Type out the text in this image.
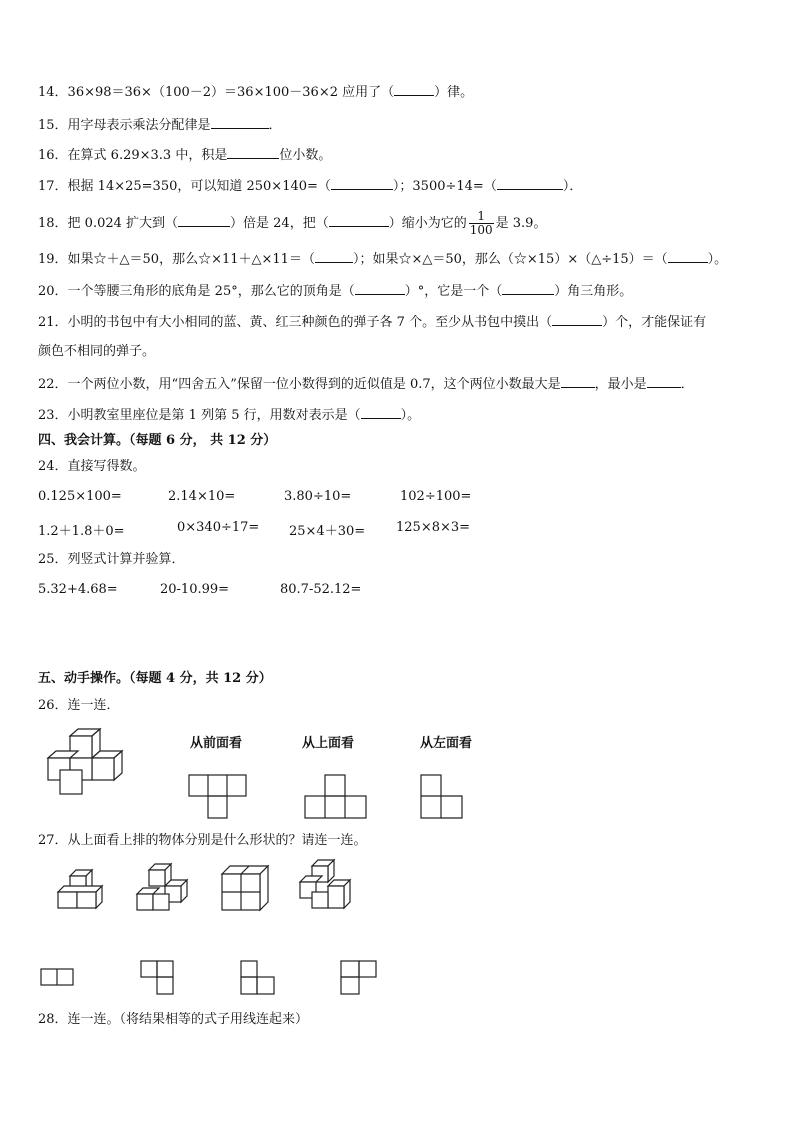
14．36×98＝36×（100－2）＝36×100－36×2 应用了（	）律。
15．用字母表示乘法分配律是	．
16．在算式 6.29×3.3 中，积是	位小数。
17．根据 14×25=350，可以知道 250×140=（	）；3500÷14=（	）．
18．把 0.024 扩大到（	）倍是 24，把（	）缩小为它的 $\frac{1}{100}$ 是 3.9。
19．如果☆＋△＝50，那么☆×11＋△×11＝（	）；如果☆×△＝50，那么（☆×15）×（△÷15）＝（	）。
20．一个等腰三角形的底角是 25°，那么它的顶角是（	）°，它是一个（	）角三角形。
21．小明的书包中有大小相同的蓝、黄、红三种颜色的弹子各 7 个。至少从书包中摸出（	）个，才能保证有
颜色不相同的弹子。
22．一个两位小数，用“四舍五入”保留一位小数得到的近似值是 0.7，这个两位小数最大是	，最小是	．
23．小明教室里座位是第 1 列第 5 行，用数对表示是（	）。
四、我会计算。（每题 6 分， 共 12 分）
24．直接写得数。
0.125×100=	2.14×10=	3.80÷10=	102÷100=
1.2＋1.8＋0=	0×340÷17= 25×4＋30= 125×8×3=
25．列竖式计算并验算．
5.32+4.68=	20-10.99=	80.7-52.12=
五、动手操作。（每题 4 分，共 12 分）
26．连一连．
从前面看	从上面看	从左面看
27．从上面看上排的物体分别是什么形状的？请连一连。
28．连一连。（将结果相等的式子用线连起来）
